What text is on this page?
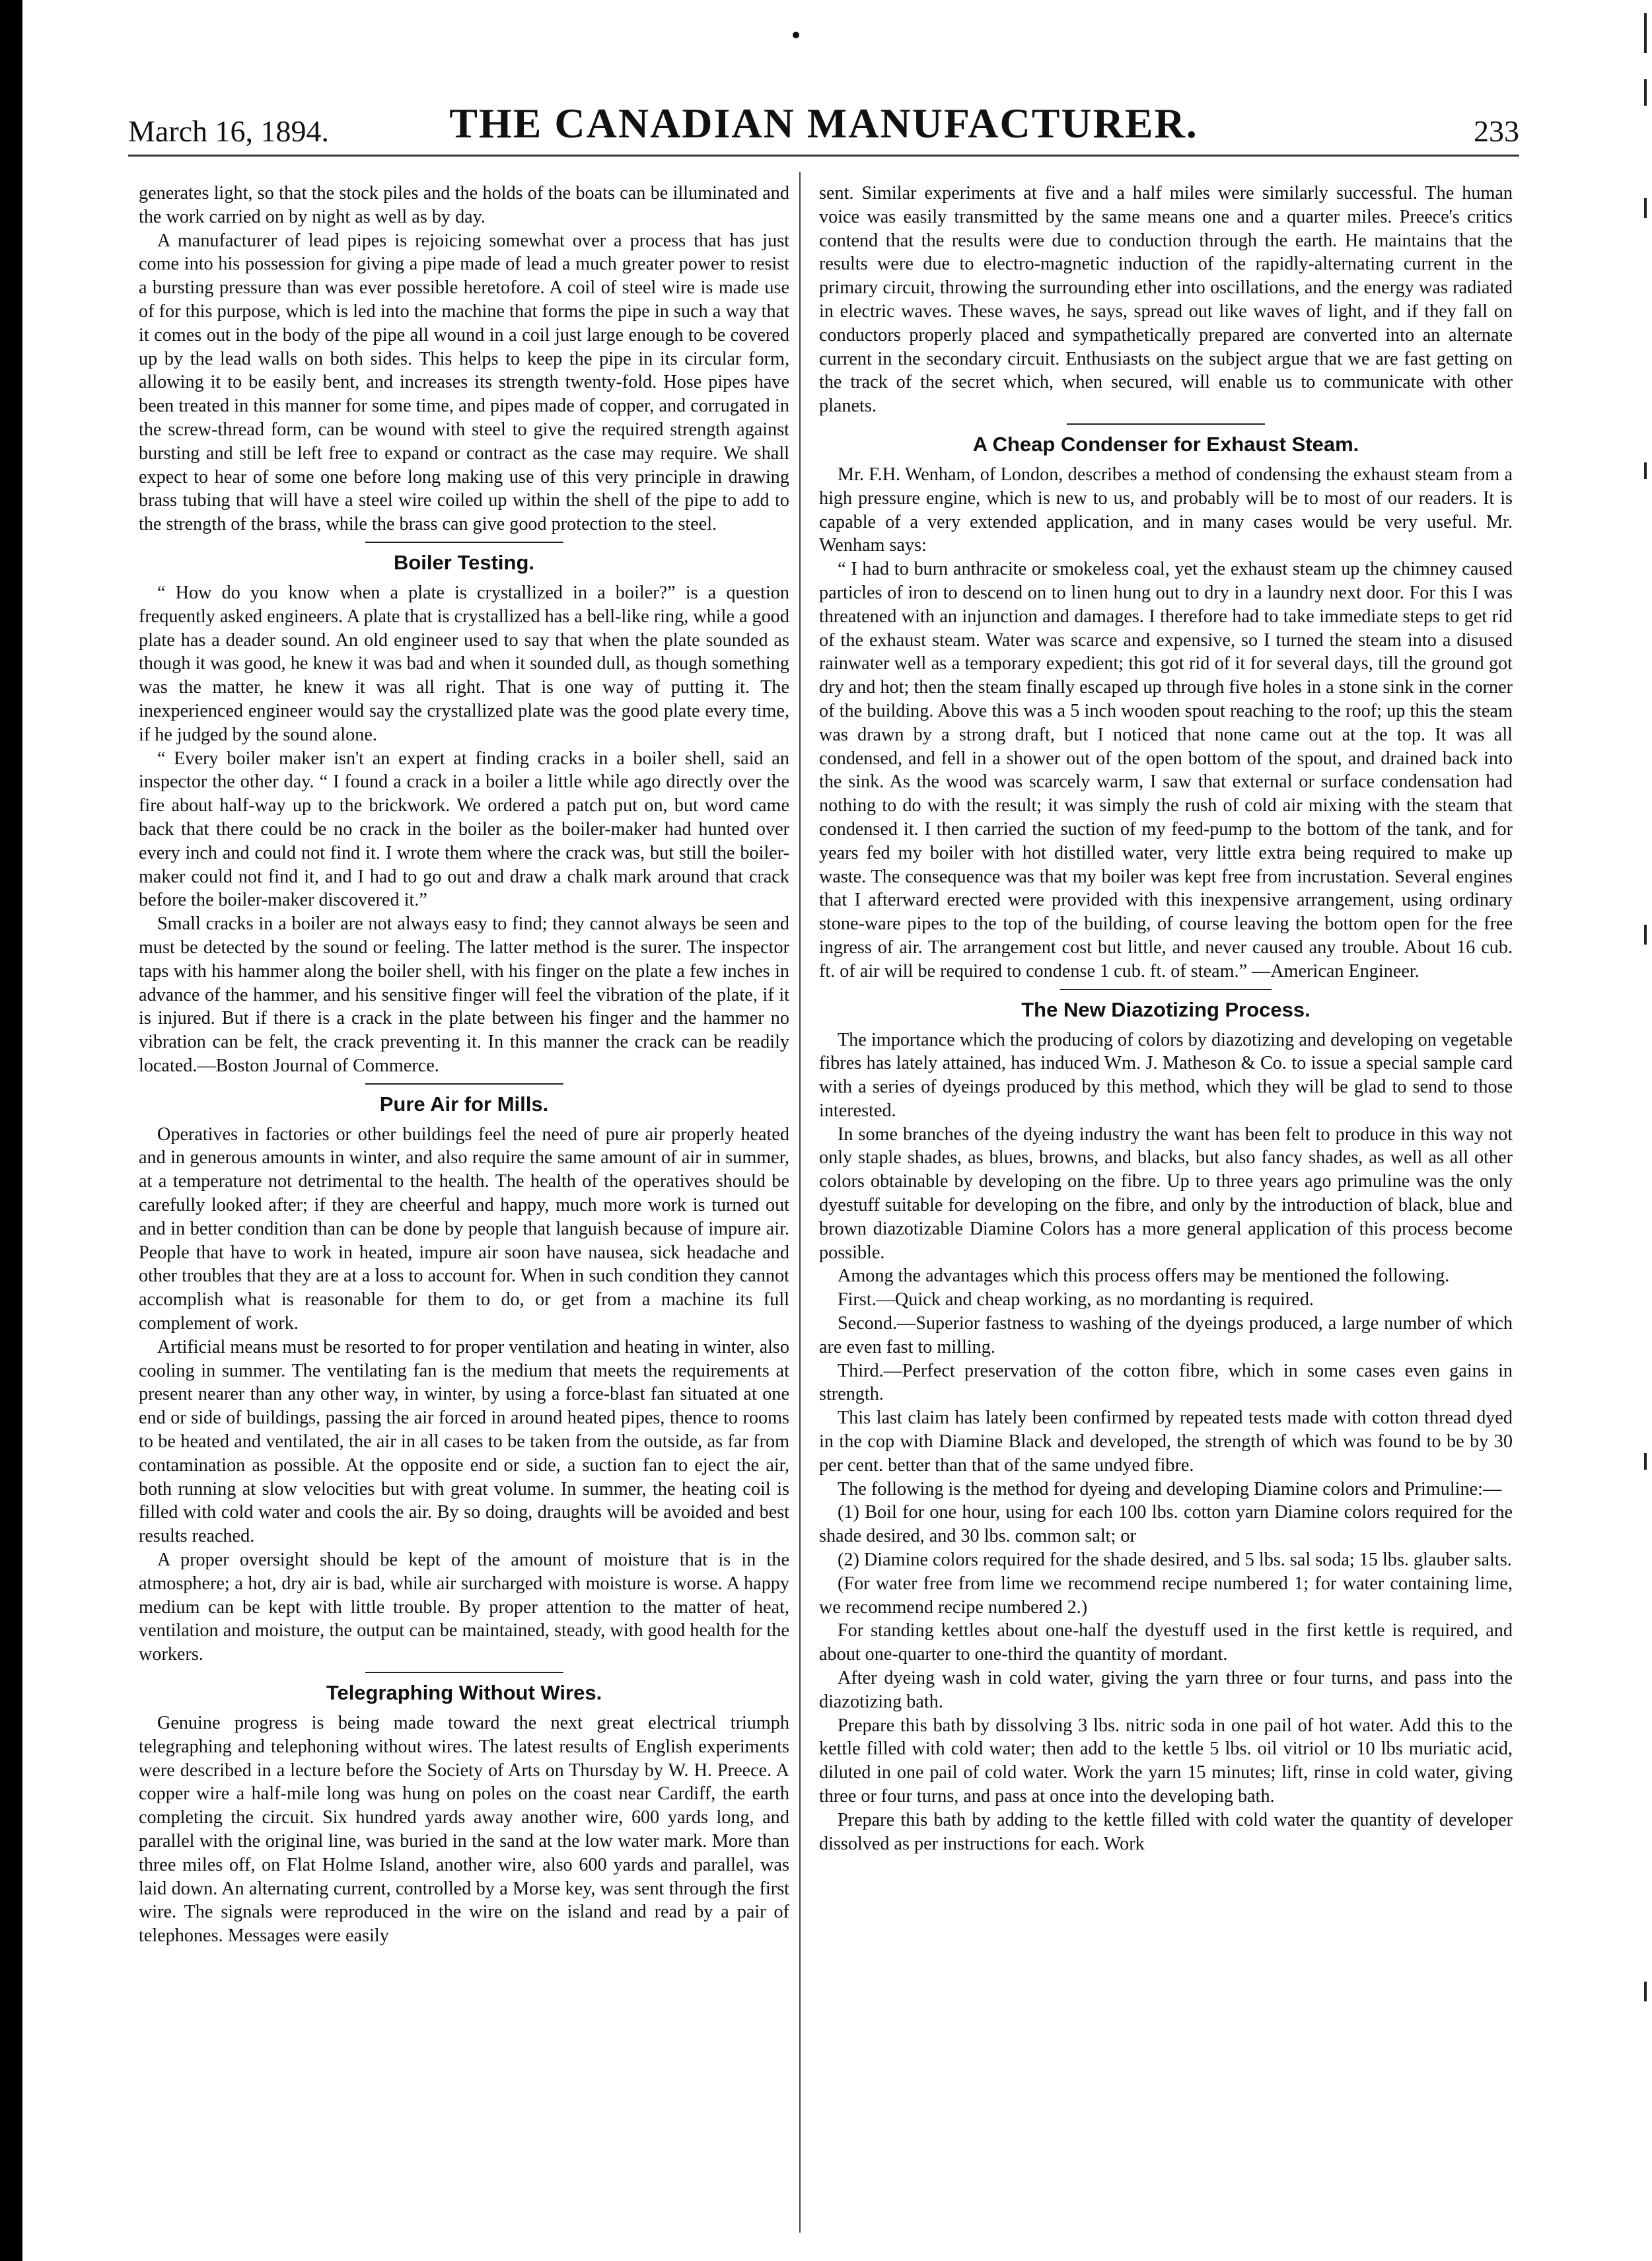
March 16, 1894.	THE CANADIAN MANUFACTURER.	233

generates light, so that the stock piles and the holds of the boats can be illuminated and the work carried on by night as well as by day.

A manufacturer of lead pipes is rejoicing somewhat over a process that has just come into his possession for giving a pipe made of lead a much greater power to resist a bursting pressure than was ever possible heretofore. A coil of steel wire is made use of for this purpose, which is led into the machine that forms the pipe in such a way that it comes out in the body of the pipe all wound in a coil just large enough to be covered up by the lead walls on both sides. This helps to keep the pipe in its circular form, allowing it to be easily bent, and increases its strength twenty-fold. Hose pipes have been treated in this manner for some time, and pipes made of copper, and corrugated in the screw-thread form, can be wound with steel to give the required strength against bursting and still be left free to expand or contract as the case may require. We shall expect to hear of some one before long making use of this very principle in drawing brass tubing that will have a steel wire coiled up within the shell of the pipe to add to the strength of the brass, while the brass can give good protection to the steel.

Boiler Testing.

“ How do you know when a plate is crystallized in a boiler?” is a question frequently asked engineers. A plate that is crystallized has a bell-like ring, while a good plate has a deader sound. An old engineer used to say that when the plate sounded as though it was good, he knew it was bad and when it sounded dull, as though something was the matter, he knew it was all right. That is one way of putting it. The inexperienced engineer would say the crystallized plate was the good plate every time, if he judged by the sound alone.

“ Every boiler maker isn't an expert at finding cracks in a boiler shell, said an inspector the other day. “ I found a crack in a boiler a little while ago directly over the fire about half-way up to the brickwork. We ordered a patch put on, but word came back that there could be no crack in the boiler as the boiler-maker had hunted over every inch and could not find it. I wrote them where the crack was, but still the boiler-maker could not find it, and I had to go out and draw a chalk mark around that crack before the boiler-maker discovered it.”

Small cracks in a boiler are not always easy to find; they cannot always be seen and must be detected by the sound or feeling. The latter method is the surer. The inspector taps with his hammer along the boiler shell, with his finger on the plate a few inches in advance of the hammer, and his sensitive finger will feel the vibration of the plate, if it is injured. But if there is a crack in the plate between his finger and the hammer no vibration can be felt, the crack preventing it. In this manner the crack can be readily located.—Boston Journal of Commerce.

Pure Air for Mills.

Operatives in factories or other buildings feel the need of pure air properly heated and in generous amounts in winter, and also require the same amount of air in summer, at a temperature not detrimental to the health. The health of the operatives should be carefully looked after; if they are cheerful and happy, much more work is turned out and in better condition than can be done by people that languish because of impure air. People that have to work in heated, impure air soon have nausea, sick headache and other troubles that they are at a loss to account for. When in such condition they cannot accomplish what is reasonable for them to do, or get from a machine its full complement of work.

Artificial means must be resorted to for proper ventilation and heating in winter, also cooling in summer. The ventilating fan is the medium that meets the requirements at present nearer than any other way, in winter, by using a force-blast fan situated at one end or side of buildings, passing the air forced in around heated pipes, thence to rooms to be heated and ventilated, the air in all cases to be taken from the outside, as far from contamination as possible. At the opposite end or side, a suction fan to eject the air, both running at slow velocities but with great volume. In summer, the heating coil is filled with cold water and cools the air. By so doing, draughts will be avoided and best results reached.

A proper oversight should be kept of the amount of moisture that is in the atmosphere; a hot, dry air is bad, while air surcharged with moisture is worse. A happy medium can be kept with little trouble. By proper attention to the matter of heat, ventilation and moisture, the output can be maintained, steady, with good health for the workers.

Telegraphing Without Wires.

Genuine progress is being made toward the next great electrical triumph telegraphing and telephoning without wires. The latest results of English experiments were described in a lecture before the Society of Arts on Thursday by W. H. Preece. A copper wire a half-mile long was hung on poles on the coast near Cardiff, the earth completing the circuit. Six hundred yards away another wire, 600 yards long, and parallel with the original line, was buried in the sand at the low water mark. More than three miles off, on Flat Holme Island, another wire, also 600 yards and parallel, was laid down. An alternating current, controlled by a Morse key, was sent through the first wire. The signals were reproduced in the wire on the island and read by a pair of telephones. Messages were easily

sent. Similar experiments at five and a half miles were similarly successful. The human voice was easily transmitted by the same means one and a quarter miles. Preece's critics contend that the results were due to conduction through the earth. He maintains that the results were due to electro-magnetic induction of the rapidly-alternating current in the primary circuit, throwing the surrounding ether into oscillations, and the energy was radiated in electric waves. These waves, he says, spread out like waves of light, and if they fall on conductors properly placed and sympathetically prepared are converted into an alternate current in the secondary circuit. Enthusiasts on the subject argue that we are fast getting on the track of the secret which, when secured, will enable us to communicate with other planets.

A Cheap Condenser for Exhaust Steam.

Mr. F.H. Wenham, of London, describes a method of condensing the exhaust steam from a high pressure engine, which is new to us, and probably will be to most of our readers. It is capable of a very extended application, and in many cases would be very useful. Mr. Wenham says:

“ I had to burn anthracite or smokeless coal, yet the exhaust steam up the chimney caused particles of iron to descend on to linen hung out to dry in a laundry next door. For this I was threatened with an injunction and damages. I therefore had to take immediate steps to get rid of the exhaust steam. Water was scarce and expensive, so I turned the steam into a disused rainwater well as a temporary expedient; this got rid of it for several days, till the ground got dry and hot; then the steam finally escaped up through five holes in a stone sink in the corner of the building. Above this was a 5 inch wooden spout reaching to the roof; up this the steam was drawn by a strong draft, but I noticed that none came out at the top. It was all condensed, and fell in a shower out of the open bottom of the spout, and drained back into the sink. As the wood was scarcely warm, I saw that external or surface condensation had nothing to do with the result; it was simply the rush of cold air mixing with the steam that condensed it. I then carried the suction of my feed-pump to the bottom of the tank, and for years fed my boiler with hot distilled water, very little extra being required to make up waste. The consequence was that my boiler was kept free from incrustation. Several engines that I afterward erected were provided with this inexpensive arrangement, using ordinary stone-ware pipes to the top of the building, of course leaving the bottom open for the free ingress of air. The arrangement cost but little, and never caused any trouble. About 16 cub. ft. of air will be required to condense 1 cub. ft. of steam.” —American Engineer.

The New Diazotizing Process.

The importance which the producing of colors by diazotizing and developing on vegetable fibres has lately attained, has induced Wm. J. Matheson & Co. to issue a special sample card with a series of dyeings produced by this method, which they will be glad to send to those interested.

In some branches of the dyeing industry the want has been felt to produce in this way not only staple shades, as blues, browns, and blacks, but also fancy shades, as well as all other colors obtainable by developing on the fibre. Up to three years ago primuline was the only dyestuff suitable for developing on the fibre, and only by the introduction of black, blue and brown diazotizable Diamine Colors has a more general application of this process become possible.

Among the advantages which this process offers may be mentioned the following.

First.—Quick and cheap working, as no mordanting is required.

Second.—Superior fastness to washing of the dyeings produced, a large number of which are even fast to milling.

Third.—Perfect preservation of the cotton fibre, which in some cases even gains in strength.

This last claim has lately been confirmed by repeated tests made with cotton thread dyed in the cop with Diamine Black and developed, the strength of which was found to be by 30 per cent. better than that of the same undyed fibre.

The following is the method for dyeing and developing Diamine colors and Primuline:—

(1) Boil for one hour, using for each 100 lbs. cotton yarn Diamine colors required for the shade desired, and 30 lbs. common salt; or

(2) Diamine colors required for the shade desired, and 5 lbs. sal soda; 15 lbs. glauber salts.

(For water free from lime we recommend recipe numbered 1; for water containing lime, we recommend recipe numbered 2.)

For standing kettles about one-half the dyestuff used in the first kettle is required, and about one-quarter to one-third the quantity of mordant.

After dyeing wash in cold water, giving the yarn three or four turns, and pass into the diazotizing bath.

Prepare this bath by dissolving 3 lbs. nitric soda in one pail of hot water. Add this to the kettle filled with cold water; then add to the kettle 5 lbs. oil vitriol or 10 lbs muriatic acid, diluted in one pail of cold water. Work the yarn 15 minutes; lift, rinse in cold water, giving three or four turns, and pass at once into the developing bath.

Prepare this bath by adding to the kettle filled with cold water the quantity of developer dissolved as per instructions for each. Work
